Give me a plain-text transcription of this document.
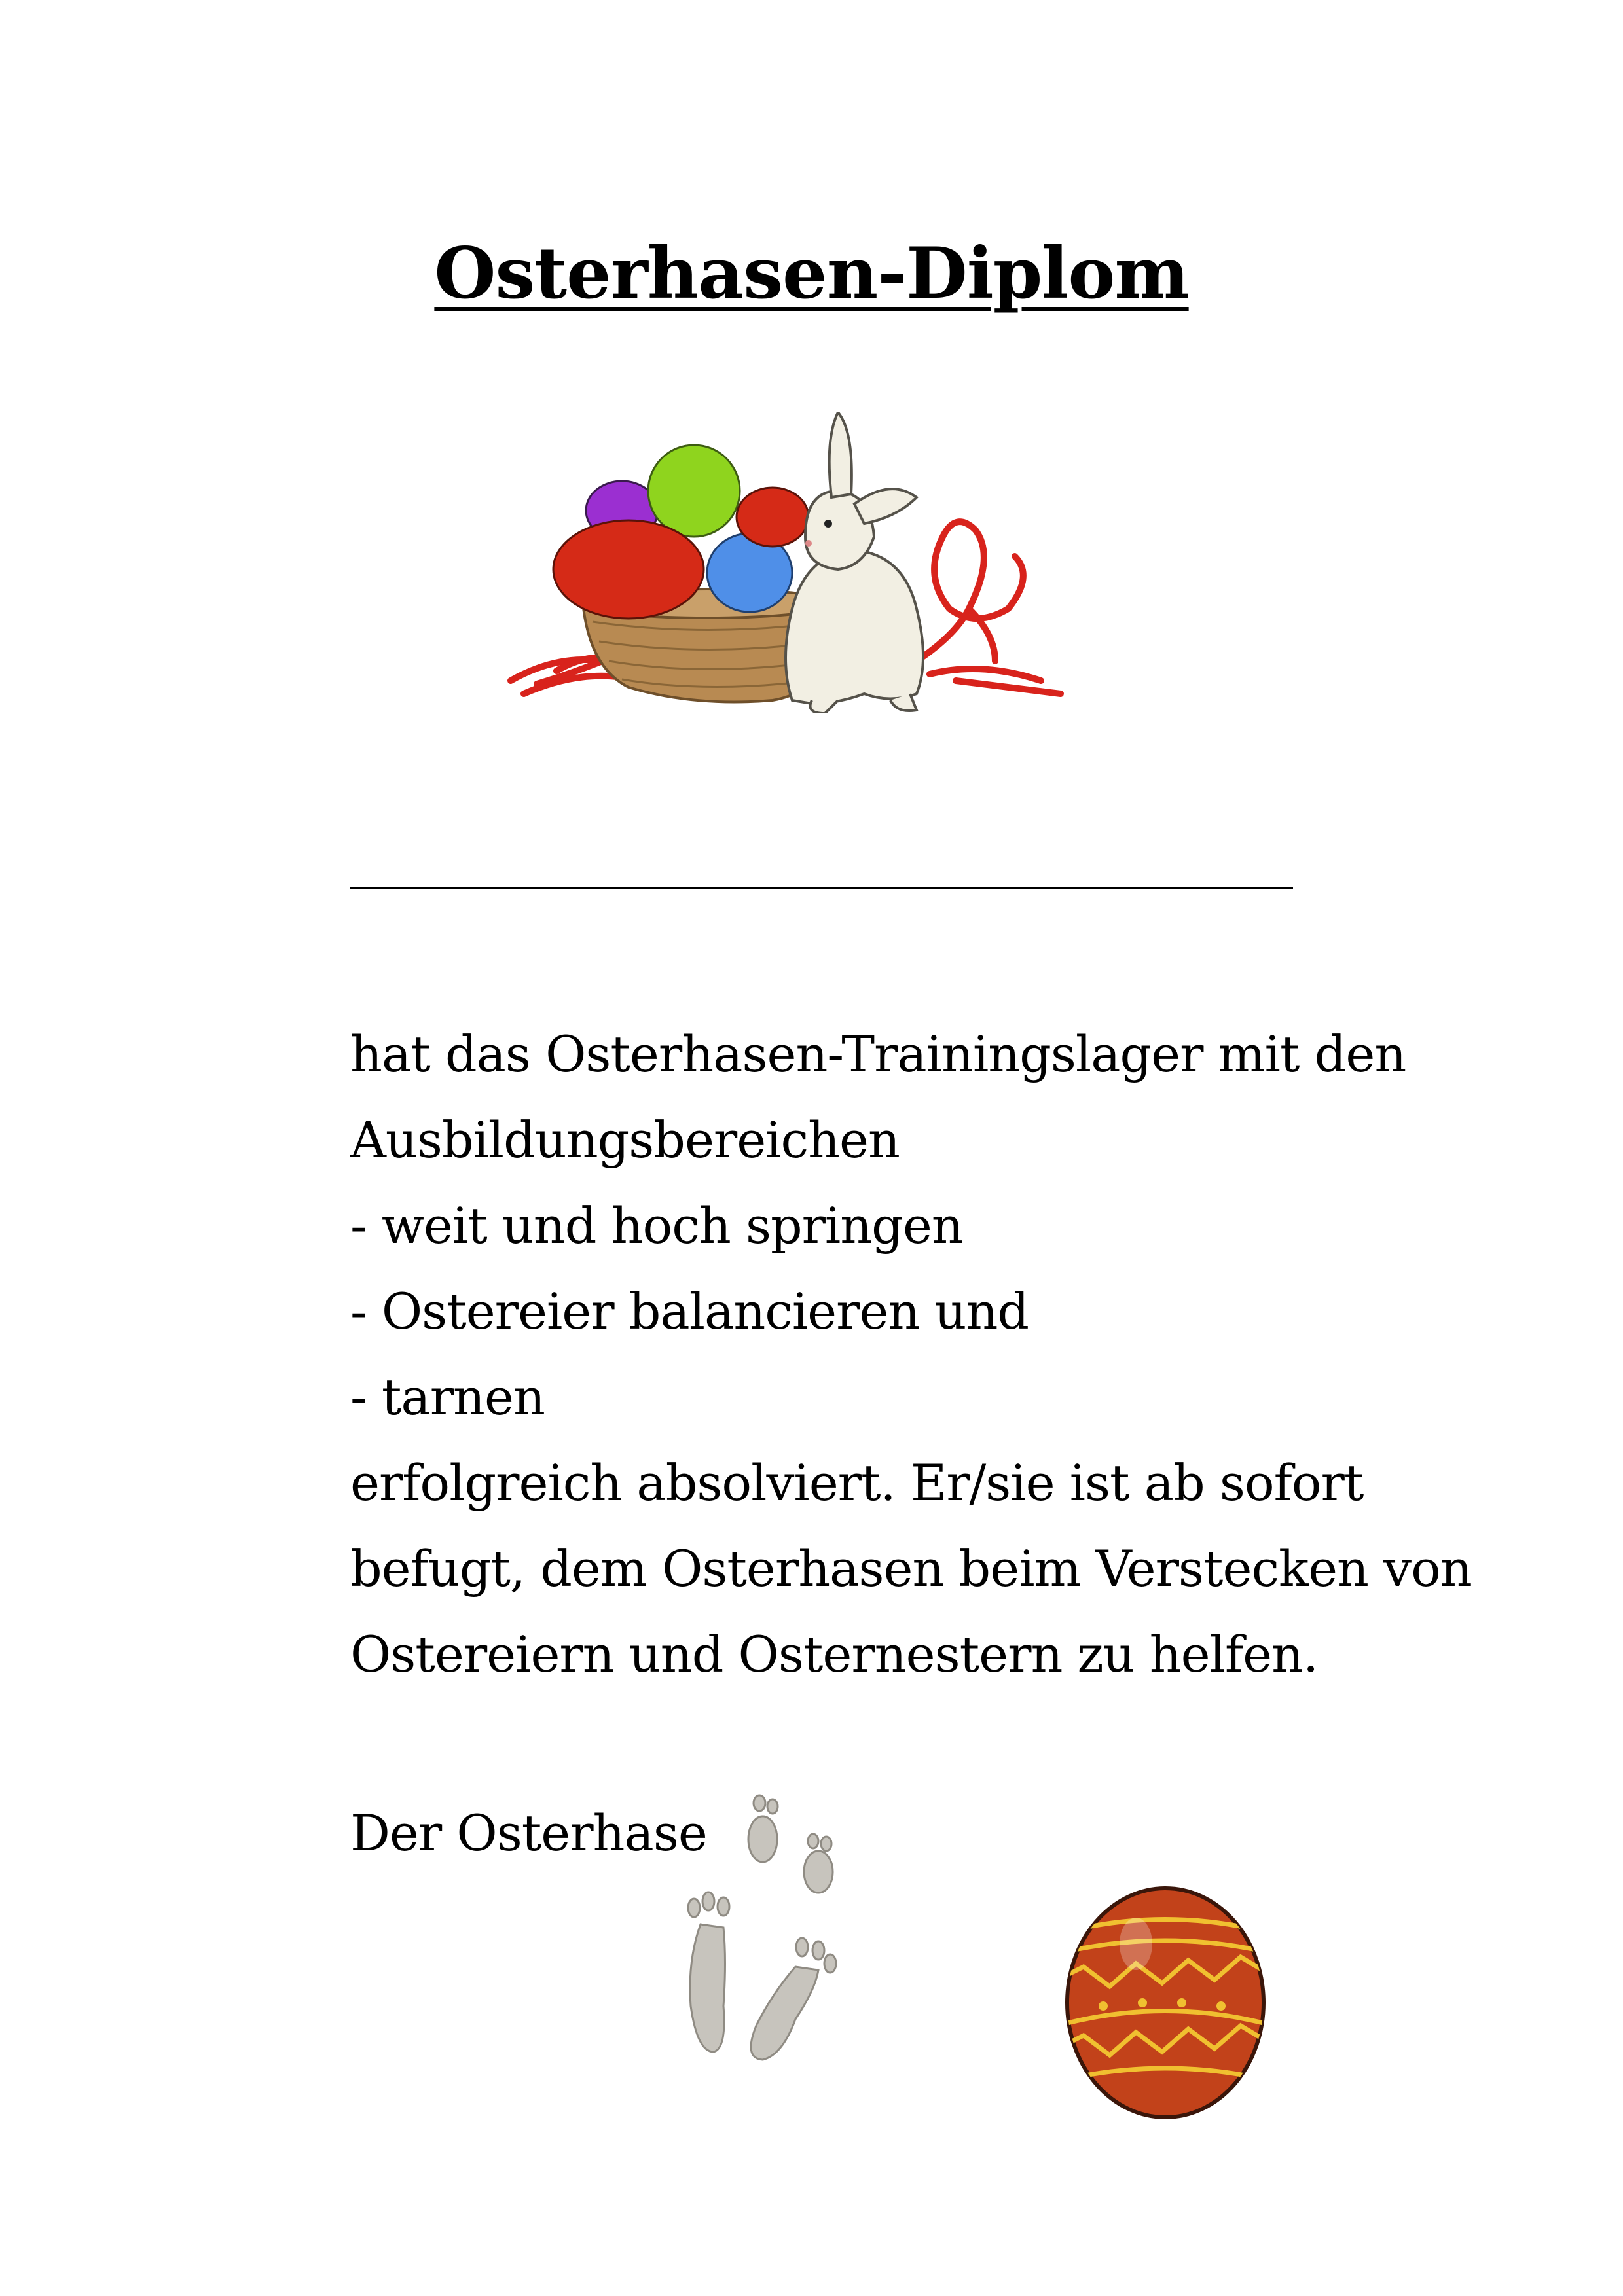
Osterhasen-Diplom
hat das Osterhasen-Trainingslager mit den
Ausbildungsbereichen
- weit und hoch springen
- Ostereier balancieren und
- tarnen
erfolgreich absolviert. Er/sie ist ab sofort
befugt, dem Osterhasen beim Verstecken von
Ostereiern und Osternestern zu helfen.
Der Osterhase
